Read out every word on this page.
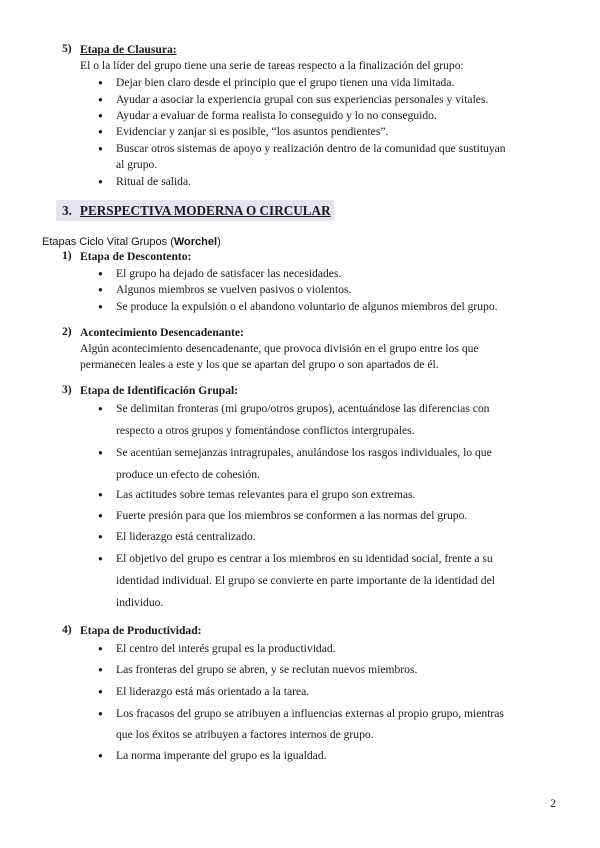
5) Etapa de Clausura:
El o la líder del grupo tiene una serie de tareas respecto a la finalización del grupo:
● Dejar bien claro desde el principio que el grupo tienen una vida limitada.
● Ayudar a asociar la experiencia grupal con sus experiencias personales y vitales.
● Ayudar a evaluar de forma realista lo conseguido y lo no conseguido.
● Evidenciar y zanjar si es posible, “los asuntos pendientes”.
● Buscar otros sistemas de apoyo y realización dentro de la comunidad que sustituyan
al grupo.
● Ritual de salida.
3. PERSPECTIVA MODERNA O CIRCULAR
Etapas Ciclo Vital Grupos (Worchel)
1) Etapa de Descontento:
● El grupo ha dejado de satisfacer las necesidades.
● Algunos miembros se vuelven pasivos o violentos.
● Se produce la expulsión o el abandono voluntario de algunos miembros del grupo.
2) Acontecimiento Desencadenante:
Algún acontecimiento desencadenante, que provoca división en el grupo entre los que
permanecen leales a este y los que se apartan del grupo o son apartados de él.
3) Etapa de Identificación Grupal:
● Se delimitan fronteras (mi grupo/otros grupos), acentuándose las diferencias con
respecto a otros grupos y fomentándose conflictos intergrupales.
● Se acentúan semejanzas intragrupales, anulándose los rasgos individuales, lo que
produce un efecto de cohesión.
● Las actitudes sobre temas relevantes para el grupo son extremas.
● Fuerte presión para que los miembros se conformen a las normas del grupo.
● El liderazgo está centralizado.
● El objetivo del grupo es centrar a los miembros en su identidad social, frente a su
identidad individual. El grupo se convierte en parte importante de la identidad del
individuo.
4) Etapa de Productividad:
● El centro del interés grupal es la productividad.
● Las fronteras del grupo se abren, y se reclutan nuevos miembros.
● El liderazgo está más orientado a la tarea.
● Los fracasos del grupo se atribuyen a influencias externas al propio grupo, mientras
que los éxitos se atribuyen a factores internos de grupo.
● La norma imperante del grupo es la igualdad.
2
